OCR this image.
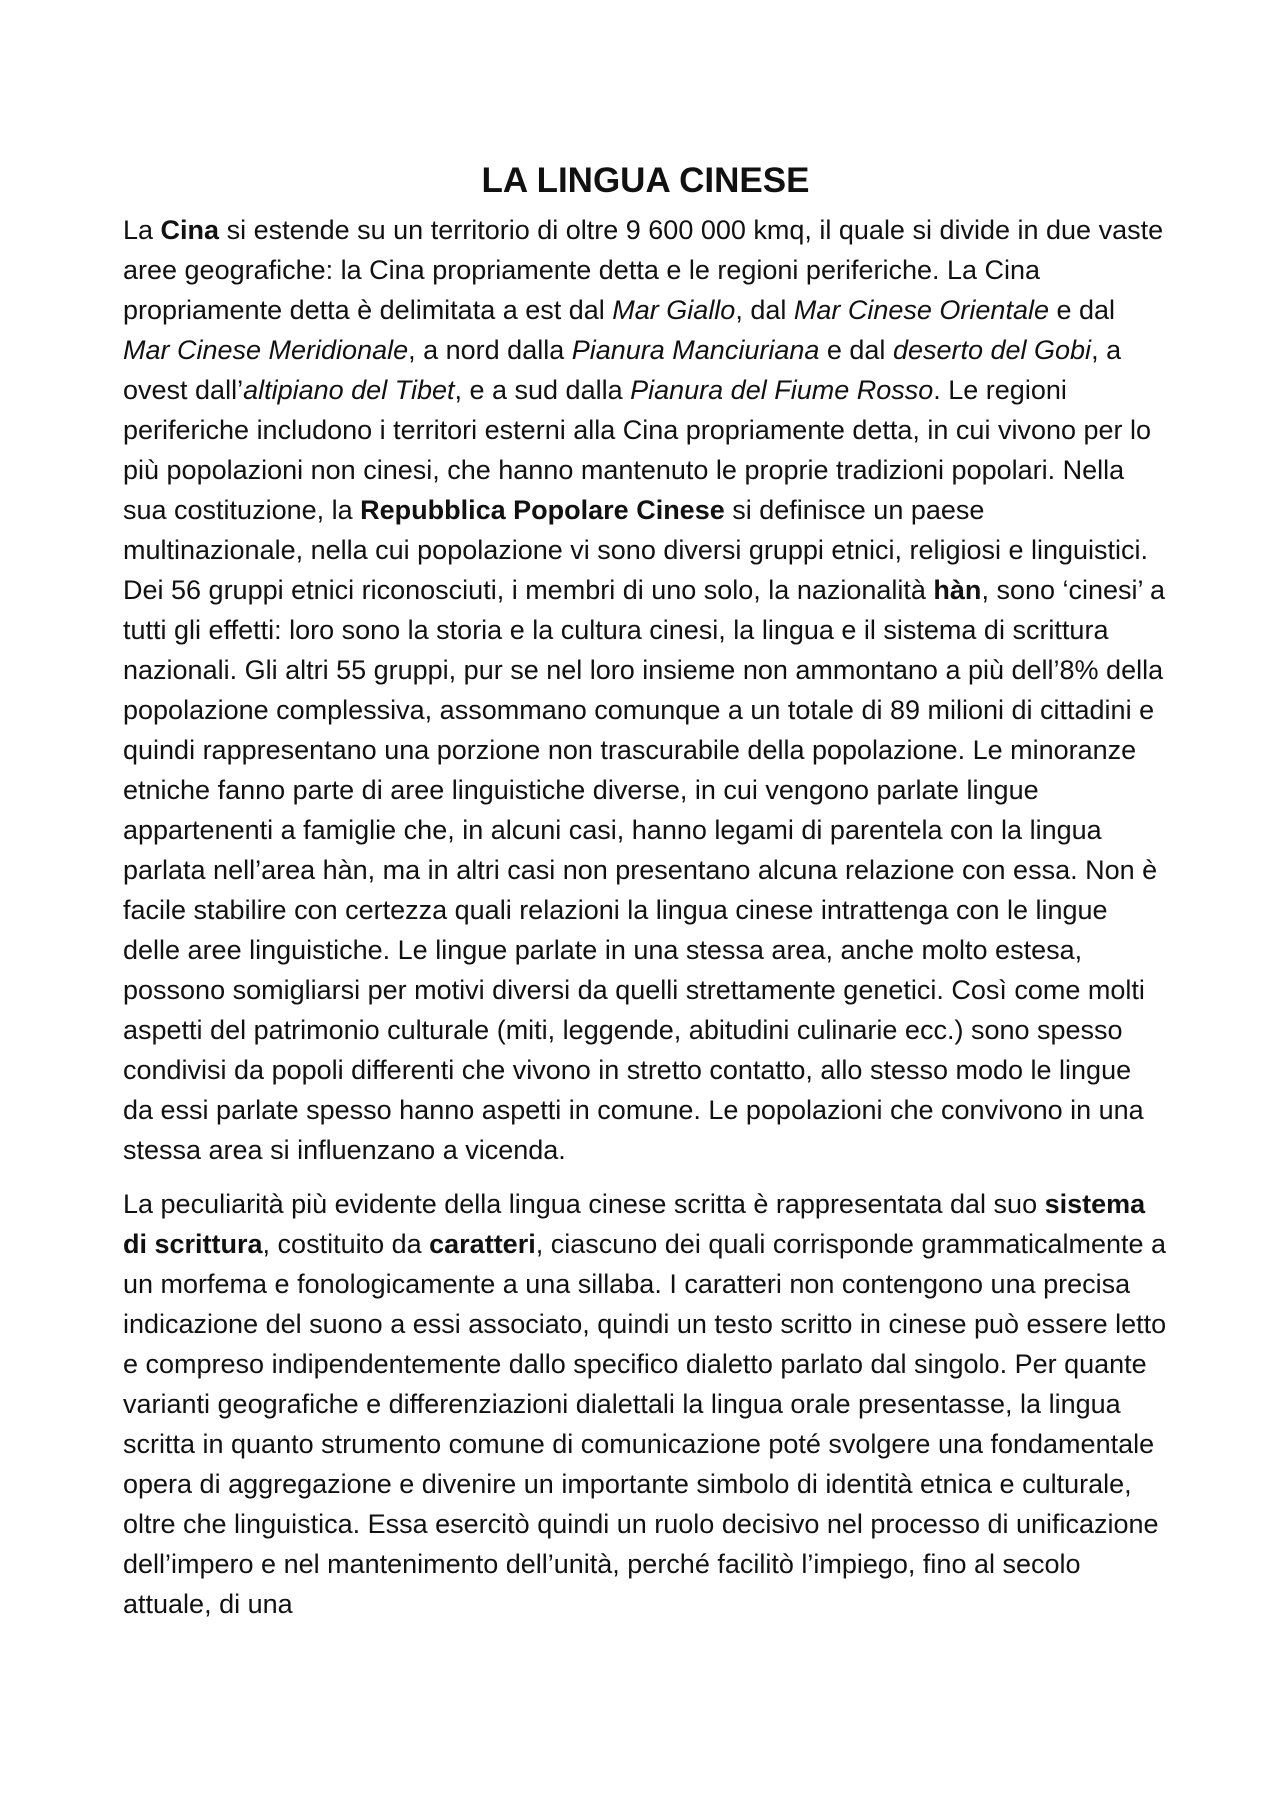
LA LINGUA CINESE

La Cina si estende su un territorio di oltre 9 600 000 kmq, il quale si divide in due vaste aree geografiche: la Cina propriamente detta e le regioni periferiche. La Cina propriamente detta è delimitata a est dal Mar Giallo, dal Mar Cinese Orientale e dal Mar Cinese Meridionale, a nord dalla Pianura Manciuriana e dal deserto del Gobi, a ovest dall’altipiano del Tibet, e a sud dalla Pianura del Fiume Rosso. Le regioni periferiche includono i territori esterni alla Cina propriamente detta, in cui vivono per lo più popolazioni non cinesi, che hanno mantenuto le proprie tradizioni popolari. Nella sua costituzione, la Repubblica Popolare Cinese si definisce un paese multinazionale, nella cui popolazione vi sono diversi gruppi etnici, religiosi e linguistici. Dei 56 gruppi etnici riconosciuti, i membri di uno solo, la nazionalità hàn, sono ‘cinesi’ a tutti gli effetti: loro sono la storia e la cultura cinesi, la lingua e il sistema di scrittura nazionali. Gli altri 55 gruppi, pur se nel loro insieme non ammontano a più dell’8% della popolazione complessiva, assommano comunque a un totale di 89 milioni di cittadini e quindi rappresentano una porzione non trascurabile della popolazione. Le minoranze etniche fanno parte di aree linguistiche diverse, in cui vengono parlate lingue appartenenti a famiglie che, in alcuni casi, hanno legami di parentela con la lingua parlata nell’area hàn, ma in altri casi non presentano alcuna relazione con essa. Non è facile stabilire con certezza quali relazioni la lingua cinese intrattenga con le lingue delle aree linguistiche. Le lingue parlate in una stessa area, anche molto estesa, possono somigliarsi per motivi diversi da quelli strettamente genetici. Così come molti aspetti del patrimonio culturale (miti, leggende, abitudini culinarie ecc.) sono spesso condivisi da popoli differenti che vivono in stretto contatto, allo stesso modo le lingue da essi parlate spesso hanno aspetti in comune. Le popolazioni che convivono in una stessa area si influenzano a vicenda.

La peculiarità più evidente della lingua cinese scritta è rappresentata dal suo sistema di scrittura, costituito da caratteri, ciascuno dei quali corrisponde grammaticalmente a un morfema e fonologicamente a una sillaba. I caratteri non contengono una precisa indicazione del suono a essi associato, quindi un testo scritto in cinese può essere letto e compreso indipendentemente dallo specifico dialetto parlato dal singolo. Per quante varianti geografiche e differenziazioni dialettali la lingua orale presentasse, la lingua scritta in quanto strumento comune di comunicazione poté svolgere una fondamentale opera di aggregazione e divenire un importante simbolo di identità etnica e culturale, oltre che linguistica. Essa esercitò quindi un ruolo decisivo nel processo di unificazione dell’impero e nel mantenimento dell’unità, perché facilitò l’impiego, fino al secolo attuale, di una
